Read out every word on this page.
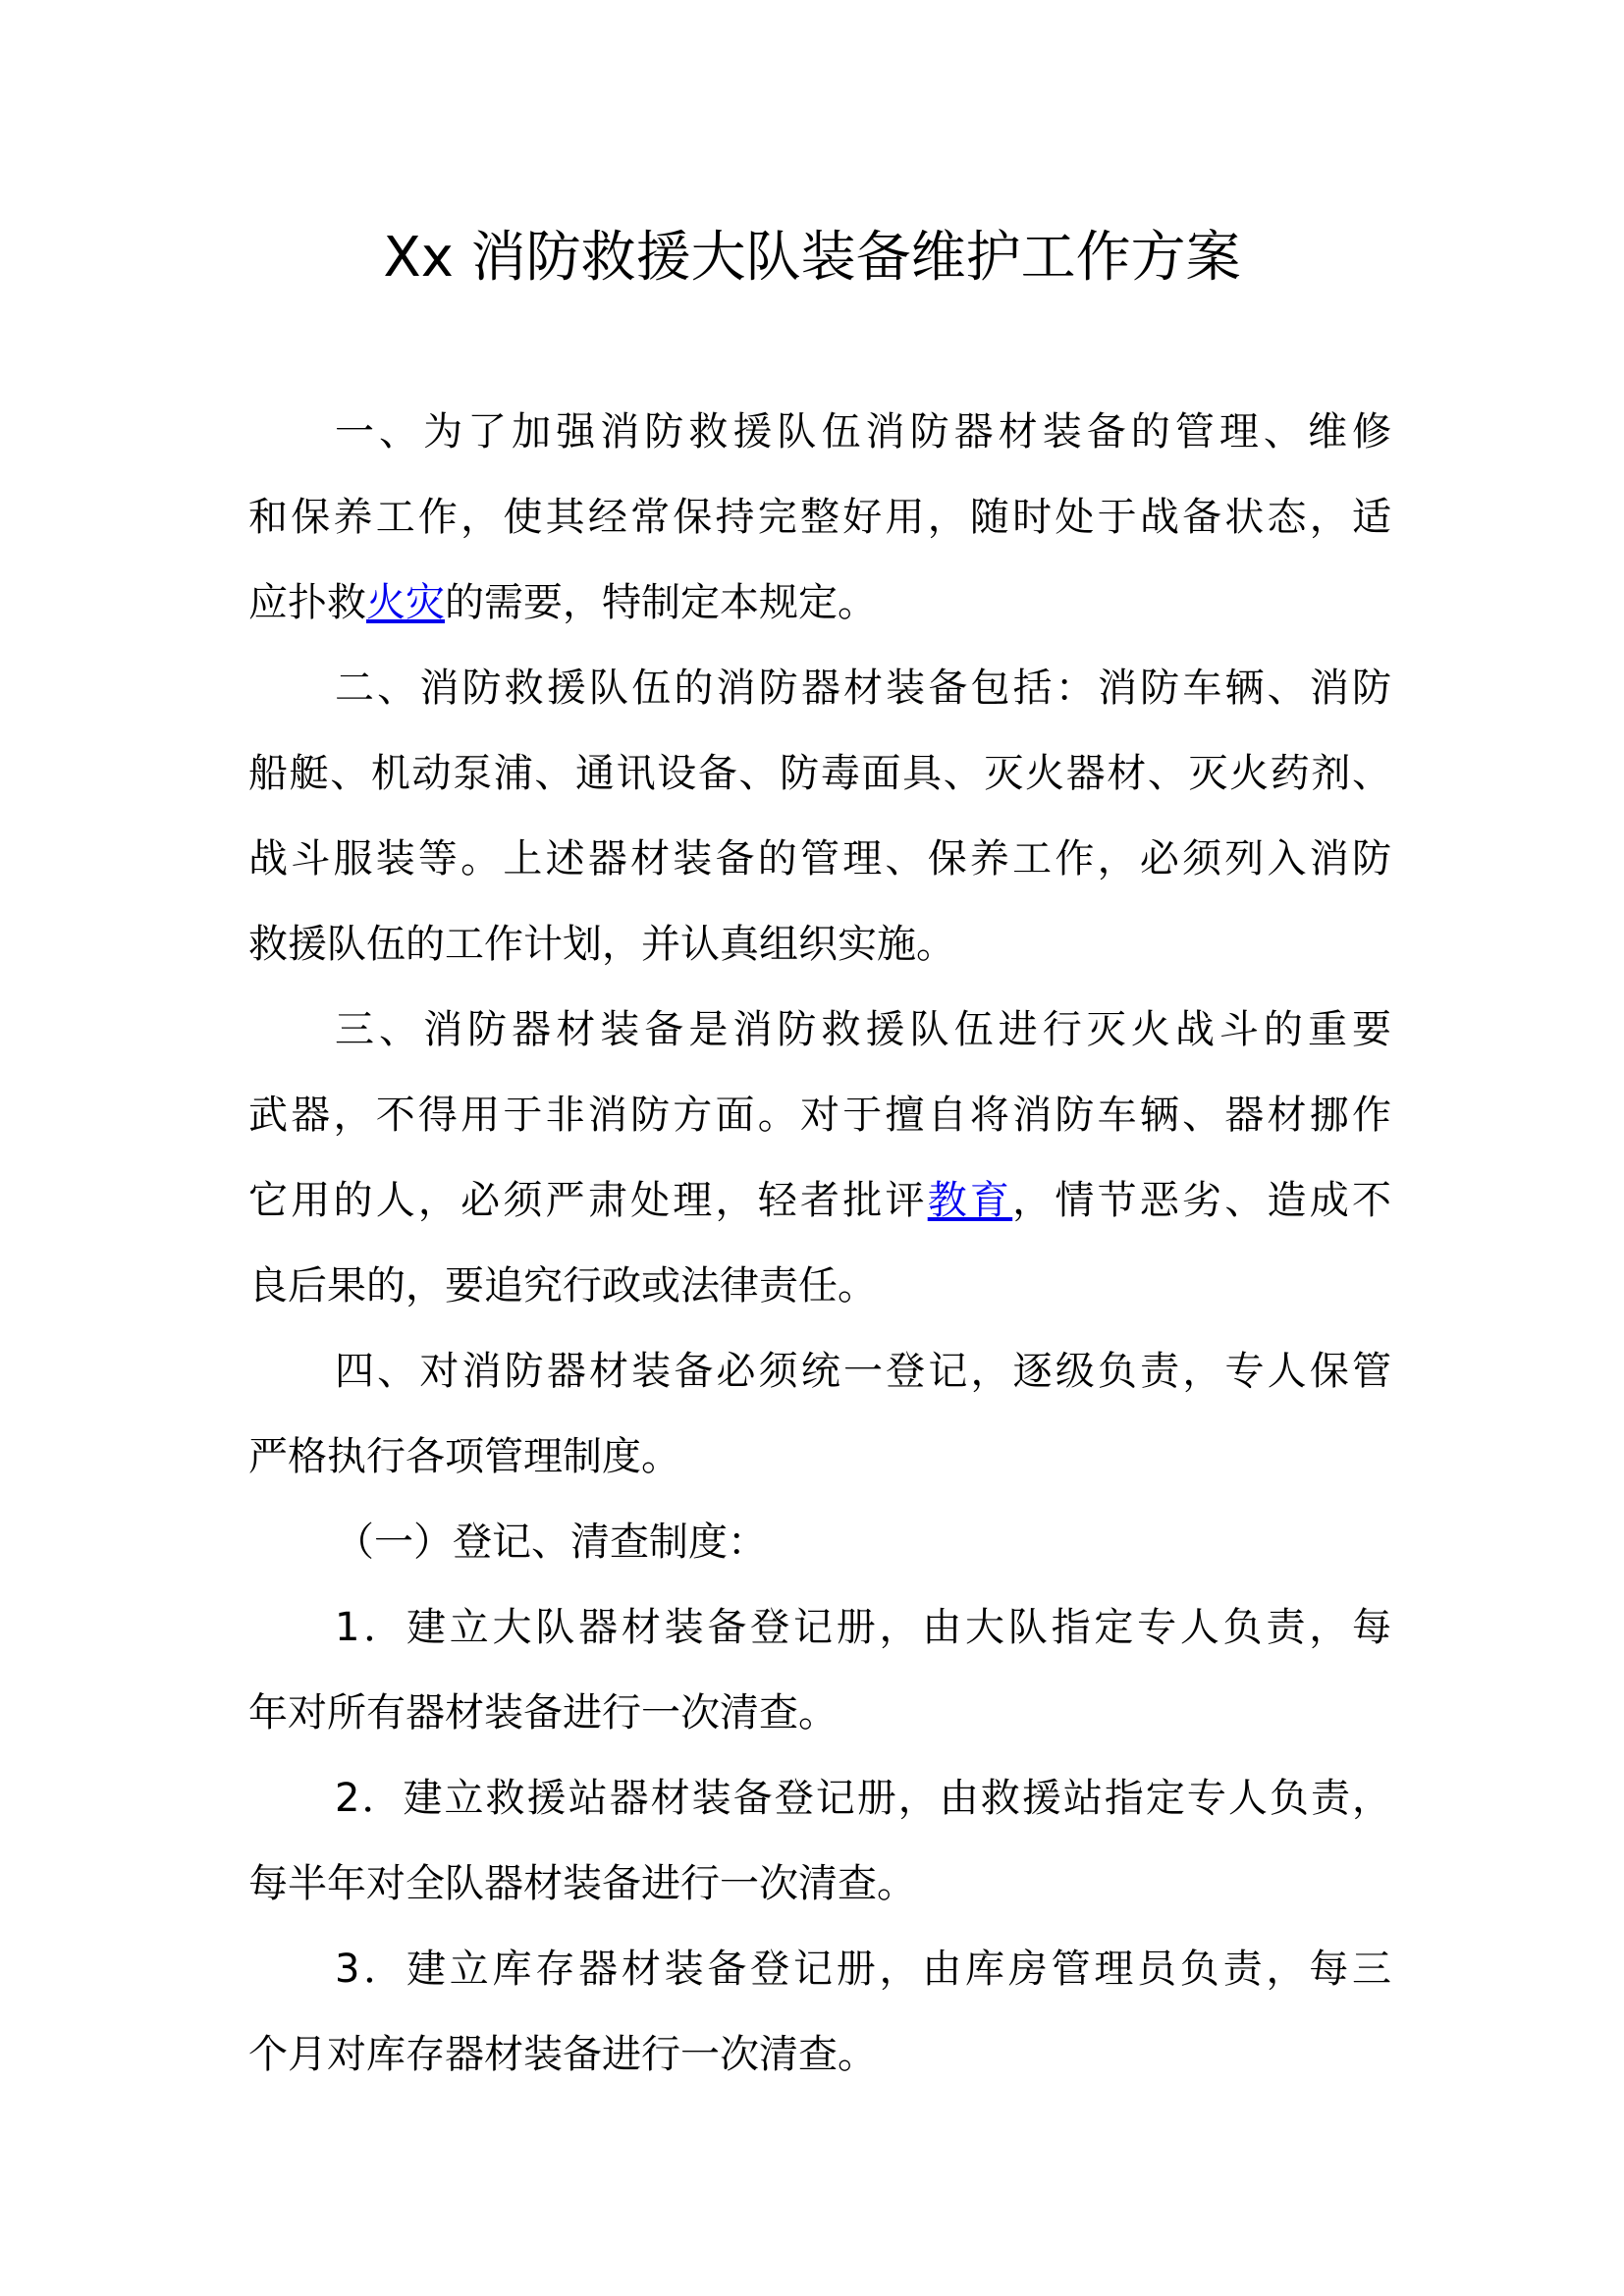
Xx 消防救援大队装备维护工作方案
一、为了加强消防救援队伍消防器材装备的管理、维修
和保养工作，使其经常保持完整好用，随时处于战备状态，适
应扑救火灾的需要，特制定本规定。
二、消防救援队伍的消防器材装备包括：消防车辆、消防
船艇、机动泵浦、通讯设备、防毒面具、灭火器材、灭火药剂、
战斗服装等。上述器材装备的管理、保养工作，必须列入消防
救援队伍的工作计划，并认真组织实施。
三、消防器材装备是消防救援队伍进行灭火战斗的重要
武器，不得用于非消防方面。对于擅自将消防车辆、器材挪作
它用的人，必须严肃处理，轻者批评教育，情节恶劣、造成不
良后果的，要追究行政或法律责任。
四、对消防器材装备必须统一登记，逐级负责，专人保管
严格执行各项管理制度。
（一）登记、清查制度：
1．建立大队器材装备登记册，由大队指定专人负责，每
年对所有器材装备进行一次清查。
2．建立救援站器材装备登记册，由救援站指定专人负责，
每半年对全队器材装备进行一次清查。
3．建立库存器材装备登记册，由库房管理员负责，每三
个月对库存器材装备进行一次清查。
